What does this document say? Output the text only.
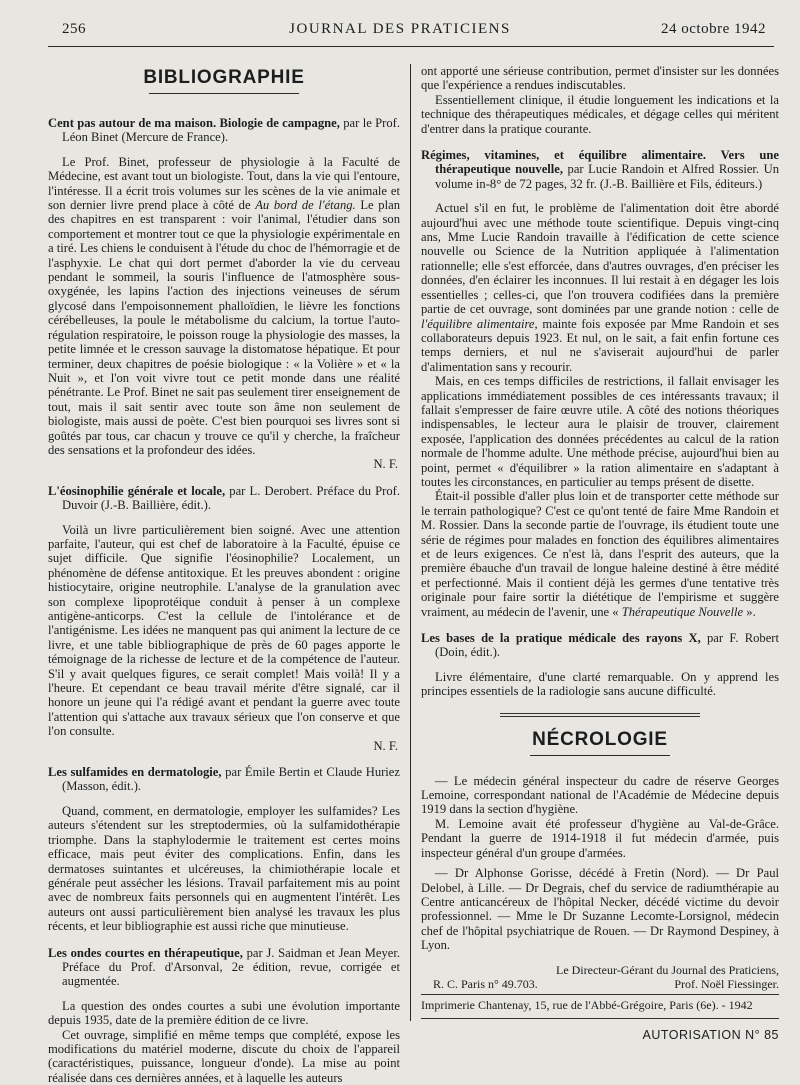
256	JOURNAL DES PRATICIENS	24 octobre 1942
BIBLIOGRAPHIE
Cent pas autour de ma maison. Biologie de campagne, par le Prof. Léon Binet (Mercure de France).

Le Prof. Binet, professeur de physiologie à la Faculté de Médecine, est avant tout un biologiste. Tout, dans la vie qui l'entoure, l'intéresse. Il a écrit trois volumes sur les scènes de la vie animale et son dernier livre prend place à côté de Au bord de l'étang. Le plan des chapitres en est transparent : voir l'animal, l'étudier dans son comportement et montrer tout ce que la physiologie expérimentale en a tiré. Les chiens le conduisent à l'étude du choc de l'hémorragie et de l'asphyxie. Le chat qui dort permet d'aborder la vie du cerveau pendant le sommeil, la souris l'influence de l'atmosphère sous-oxygénée, les lapins l'action des injections veineuses de sérum glycosé dans l'empoisonnement phalloïdien, le lièvre les fonctions cérébelleuses, la poule le métabolisme du calcium, la tortue l'auto-régulation respiratoire, le poisson rouge la physiologie des masses, la petite limnée et le cresson sauvage la distomatose hépatique. Et pour terminer, deux chapitres de poésie biologique : « la Volière » et « la Nuit », et l'on voit vivre tout ce petit monde dans une réalité pénétrante. Le Prof. Binet ne sait pas seulement tirer enseignement de tout, mais il sait sentir avec toute son âme non seulement de biologiste, mais aussi de poète. C'est bien pourquoi ses livres sont si goûtés par tous, car chacun y trouve ce qu'il y cherche, la fraîcheur des sensations et la profondeur des idées.

N. F.
L'éosinophilie générale et locale, par L. Derobert. Préface du Prof. Duvoir (J.-B. Baillière, édit.).

Voilà un livre particulièrement bien soigné. Avec une attention parfaite, l'auteur, qui est chef de laboratoire à la Faculté, épuise ce sujet difficile. Que signifie l'éosinophilie? Localement, un phénomène de défense antitoxique. Et les preuves abondent : origine histiocytaire, origine neutrophile. L'analyse de la granulation avec son complexe lipoprotéique conduit à penser à un complexe antigène-anticorps. C'est la cellule de l'intolérance et de l'antigénisme. Les idées ne manquent pas qui animent la lecture de ce livre, et une table bibliographique de près de 60 pages apporte le témoignage de la richesse de lecture et de la compétence de l'auteur. S'il y avait quelques figures, ce serait complet! Mais voilà! Il y a l'heure. Et cependant ce beau travail mérite d'être signalé, car il honore un jeune qui l'a rédigé avant et pendant la guerre avec toute l'attention qui s'attache aux travaux sérieux que l'on conserve et que l'on consulte.

N. F.
Les sulfamides en dermatologie, par Émile Bertin et Claude Huriez (Masson, édit.).

Quand, comment, en dermatologie, employer les sulfamides? Les auteurs s'étendent sur les streptodermies, où la sulfamidothérapie triomphe. Dans la staphylodermie le traitement est certes moins efficace, mais peut éviter des complications. Enfin, dans les dermatoses suintantes et ulcéreuses, la chimiothérapie locale et générale peut assécher les lésions. Travail parfaitement mis au point avec de nombreux faits personnels qui en augmentent l'intérêt. Les auteurs ont aussi particulièrement bien analysé les travaux les plus récents, et leur bibliographie est aussi riche que minutieuse.

Les ondes courtes en thérapeutique, par J. Saidman et Jean Meyer. Préface du Prof. d'Arsonval, 2e édition, revue, corrigée et augmentée.

La question des ondes courtes a subi une évolution importante depuis 1935, date de la première édition de ce livre.

Cet ouvrage, simplifié en même temps que complété, expose les modifications du matériel moderne, discute du choix de l'appareil (caractéristiques, puissance, longueur d'onde). La mise au point réalisée dans ces dernières années, et à laquelle les auteurs

ont apporté une sérieuse contribution, permet d'insister sur les données que l'expérience a rendues indiscutables.

Essentiellement clinique, il étudie longuement les indications et la technique des thérapeutiques médicales, et dégage celles qui méritent d'entrer dans la pratique courante.

Régimes, vitamines, et équilibre alimentaire. Vers une thérapeutique nouvelle, par Lucie Randoin et Alfred Rossier. Un volume in-8° de 72 pages, 32 fr. (J.-B. Baillière et Fils, éditeurs.)

Actuel s'il en fut, le problème de l'alimentation doit être abordé aujourd'hui avec une méthode toute scientifique. Depuis vingt-cinq ans, Mme Lucie Randoin travaille à l'édification de cette science nouvelle ou Science de la Nutrition appliquée à l'alimentation rationnelle; elle s'est efforcée, dans d'autres ouvrages, d'en préciser les données, d'en éclairer les inconnues. Il lui restait à en dégager les lois essentielles ; celles-ci, que l'on trouvera codifiées dans la première partie de cet ouvrage, sont dominées par une grande notion : celle de l'équilibre alimentaire, mainte fois exposée par Mme Randoin et ses collaborateurs depuis 1923. Et nul, on le sait, a fait enfin fortune ces temps derniers, et nul ne s'aviserait aujourd'hui de parler d'alimentation sans y recourir.

Mais, en ces temps difficiles de restrictions, il fallait envisager les applications immédiatement possibles de ces intéressants travaux; il fallait s'empresser de faire œuvre utile. A côté des notions théoriques indispensables, le lecteur aura le plaisir de trouver, clairement exposée, l'application des données précédentes au calcul de la ration normale de l'homme adulte. Une méthode précise, aujourd'hui bien au point, permet « d'équilibrer » la ration alimentaire en s'adaptant à toutes les circonstances, en particulier au temps présent de disette.

Était-il possible d'aller plus loin et de transporter cette méthode sur le terrain pathologique? C'est ce qu'ont tenté de faire Mme Randoin et M. Rossier. Dans la seconde partie de l'ouvrage, ils étudient toute une série de régimes pour malades en fonction des équilibres alimentaires et de leurs exigences. Ce n'est là, dans l'esprit des auteurs, que la première ébauche d'un travail de longue haleine destiné à être médité et perfectionné. Mais il contient déjà les germes d'une tentative très originale pour faire sortir la diététique de l'empirisme et suggère vraiment, au médecin de l'avenir, une « Thérapeutique Nouvelle ».

Les bases de la pratique médicale des rayons X, par F. Robert (Doin, édit.).

Livre élémentaire, d'une clarté remarquable. On y apprend les principes essentiels de la radiologie sans aucune difficulté.

NÉCROLOGIE

— Le médecin général inspecteur du cadre de réserve Georges Lemoine, correspondant national de l'Académie de Médecine depuis 1919 dans la section d'hygiène.

M. Lemoine avait été professeur d'hygiène au Val-de-Grâce. Pendant la guerre de 1914-1918 il fut médecin d'armée, puis inspecteur général d'un groupe d'armées.

— Dr Alphonse Gorisse, décédé à Fretin (Nord). — Dr Paul Delobel, à Lille. — Dr Degrais, chef du service de radiumthérapie au Centre anticancéreux de l'hôpital Necker, décédé victime du devoir professionnel. — Mme le Dr Suzanne Lecomte-Lorsignol, médecin chef de l'hôpital psychiatrique de Rouen. — Dr Raymond Despiney, à Lyon.

Le Directeur-Gérant du Journal des Praticiens,
R. C. Paris n° 49.703.	Prof. Noël Fiessinger.
Imprimerie Chantenay, 15, rue de l'Abbé-Grégoire, Paris (6e). - 1942
AUTORISATION N° 85
